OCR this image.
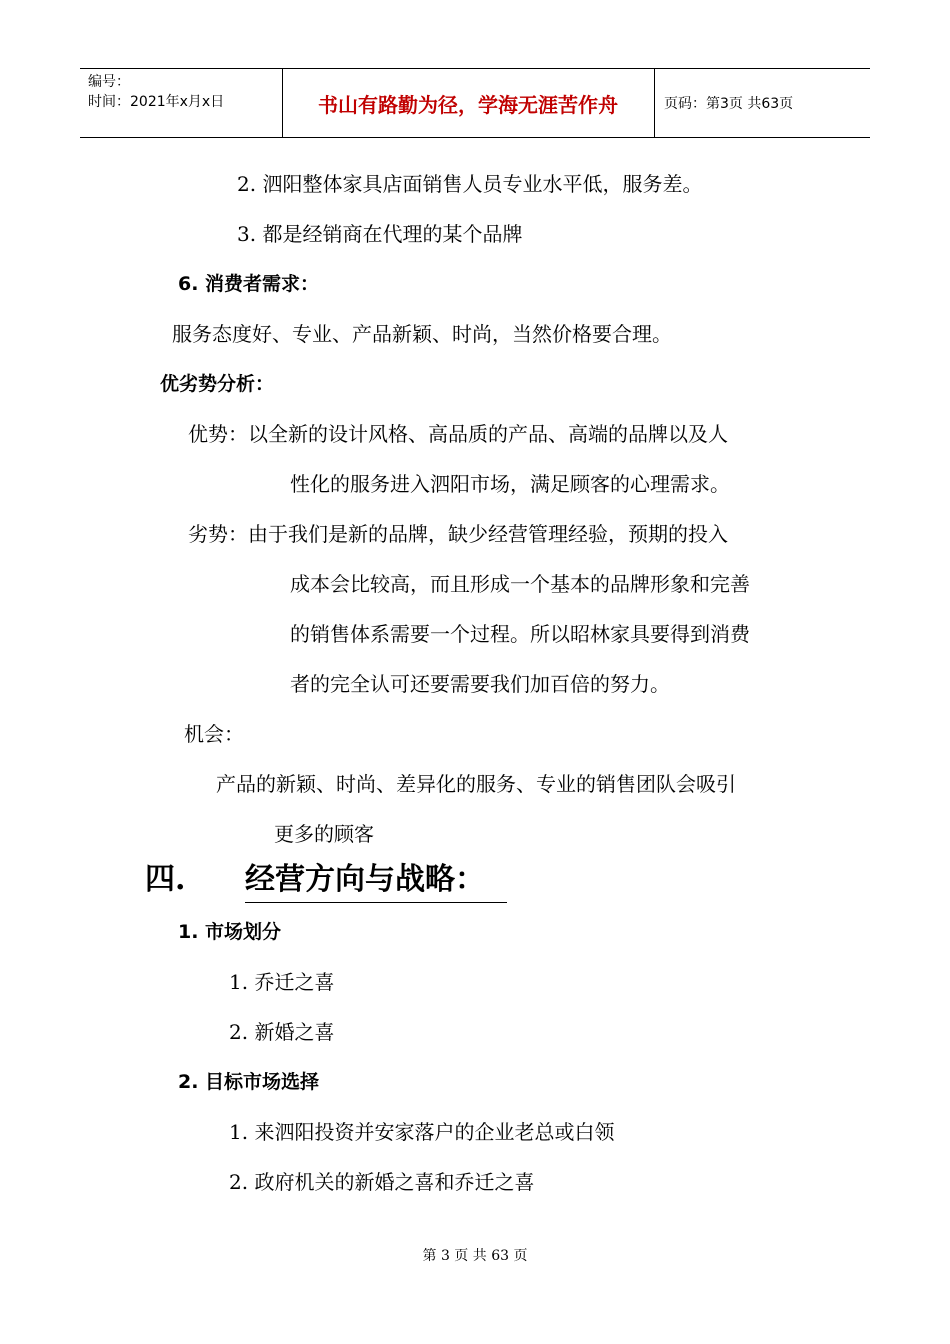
编号：
时间：2021年x月x日	书山有路勤为径，学海无涯苦作舟	页码：第3页 共63页
2. 泗阳整体家具店面销售人员专业水平低，服务差。
3. 都是经销商在代理的某个品牌
6. 消费者需求：
服务态度好、专业、产品新颖、时尚，当然价格要合理。
优劣势分析：
优势：以全新的设计风格、高品质的产品、高端的品牌以及人
性化的服务进入泗阳市场，满足顾客的心理需求。
劣势：由于我们是新的品牌，缺少经营管理经验，预期的投入
成本会比较高，而且形成一个基本的品牌形象和完善
的销售体系需要一个过程。所以昭林家具要得到消费
者的完全认可还要需要我们加百倍的努力。
机会：
产品的新颖、时尚、差异化的服务、专业的销售团队会吸引
更多的顾客
四. 经营方向与战略：
1. 市场划分
1. 乔迁之喜
2. 新婚之喜
2. 目标市场选择
1. 来泗阳投资并安家落户的企业老总或白领
2. 政府机关的新婚之喜和乔迁之喜
第 3 页 共 63 页
